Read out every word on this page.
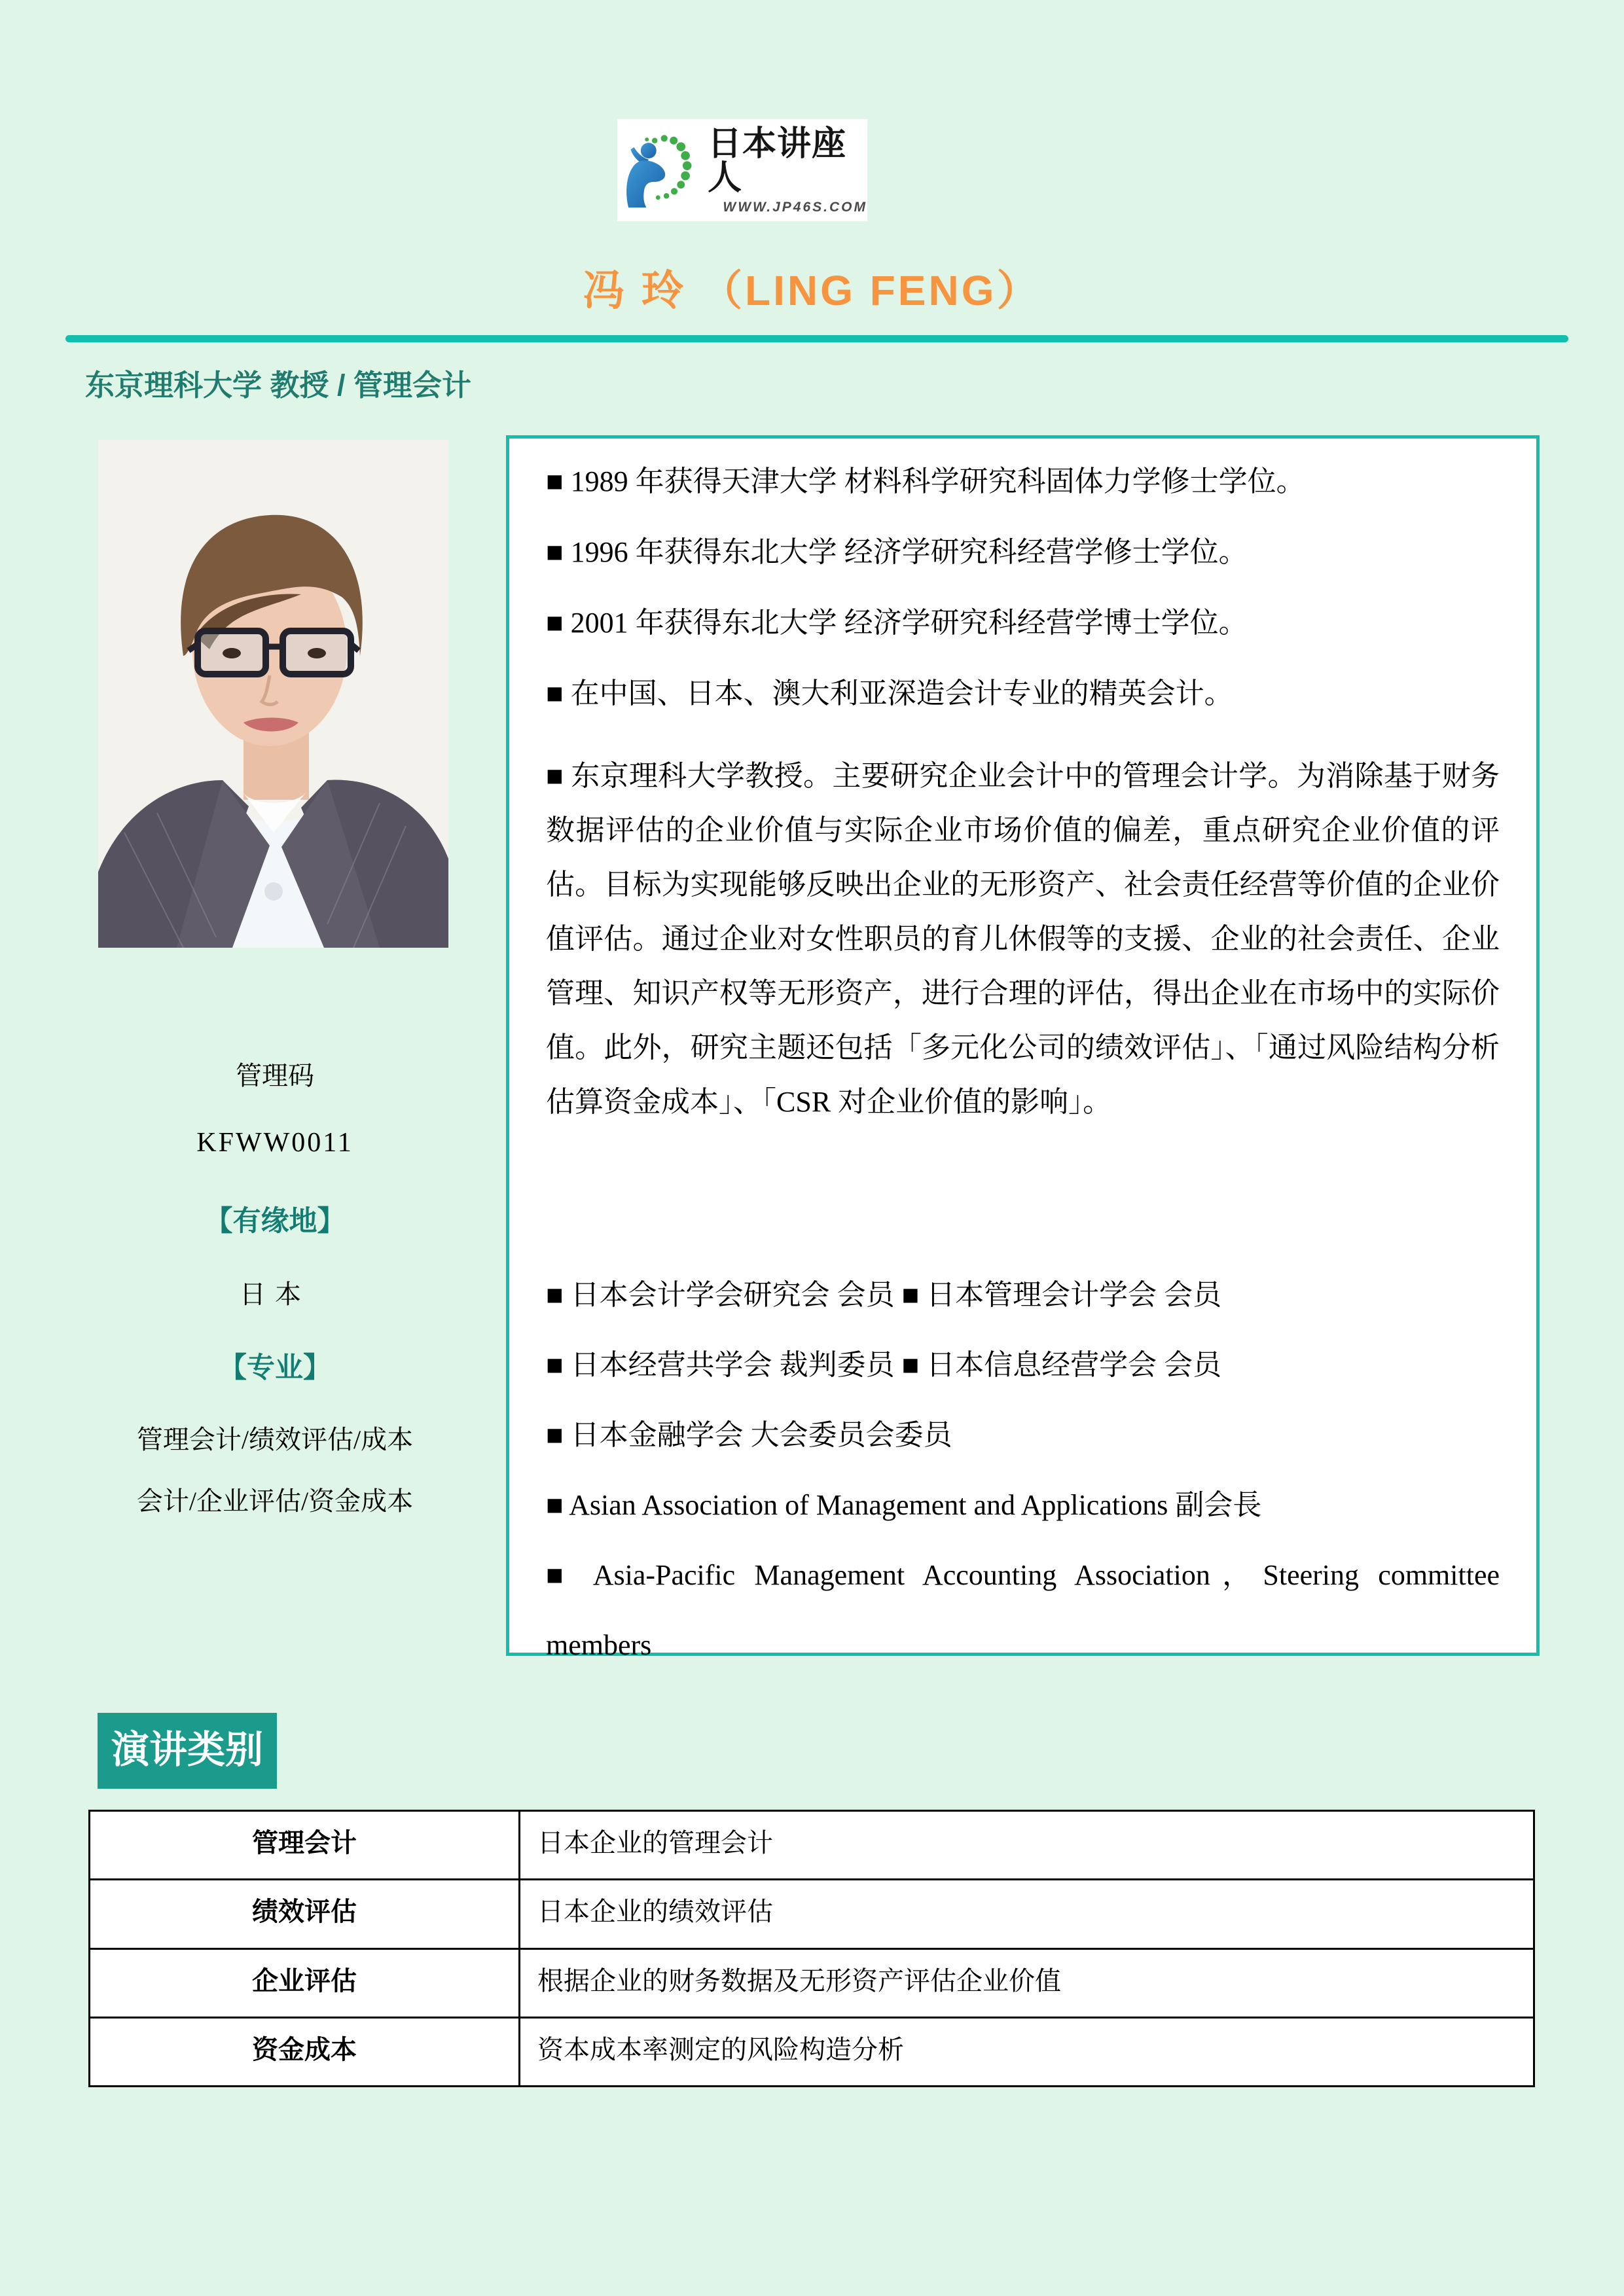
日本讲座人
WWW.JP46S.COM
冯 玲 （LING FENG）
东京理科大学 教授 / 管理会计

管理码

KFWW0011

【有缘地】

日本

【专业】

管理会计/绩效评估/成本

会计/企业评估/资金成本

■ 1989 年获得天津大学 材料科学研究科固体力学修士学位。

■ 1996 年获得东北大学 经济学研究科经营学修士学位。

■ 2001 年获得东北大学 经济学研究科经营学博士学位。

■ 在中国、日本、澳大利亚深造会计专业的精英会计。

■ 东京理科大学教授。主要研究企业会计中的管理会计学。为消除基于财务数据评估的企业价值与实际企业市场价值的偏差，重点研究企业价值的评估。目标为实现能够反映出企业的无形资产、社会责任经营等价值的企业价值评估。通过企业对女性职员的育儿休假等的支援、企业的社会责任、企业管理、知识产权等无形资产，进行合理的评估，得出企业在市场中的实际价值。此外，研究主题还包括「多元化公司的绩效评估」、「通过风险结构分析估算资金成本」、「CSR 对企业价值的影响」。

■ 日本会计学会研究会 会员 ■ 日本管理会计学会 会员

■ 日本经营共学会 裁判委员 ■ 日本信息经营学会 会员

■ 日本金融学会 大会委员会委员

■ Asian Association of Management and Applications 副会長

■ Asia-Pacific Management Accounting Association，Steering committee members

演讲类别
管理会计	日本企业的管理会计
绩效评估	日本企业的绩效评估
企业评估	根据企业的财务数据及无形资产评估企业价值
资金成本	资本成本率测定的风险构造分析
